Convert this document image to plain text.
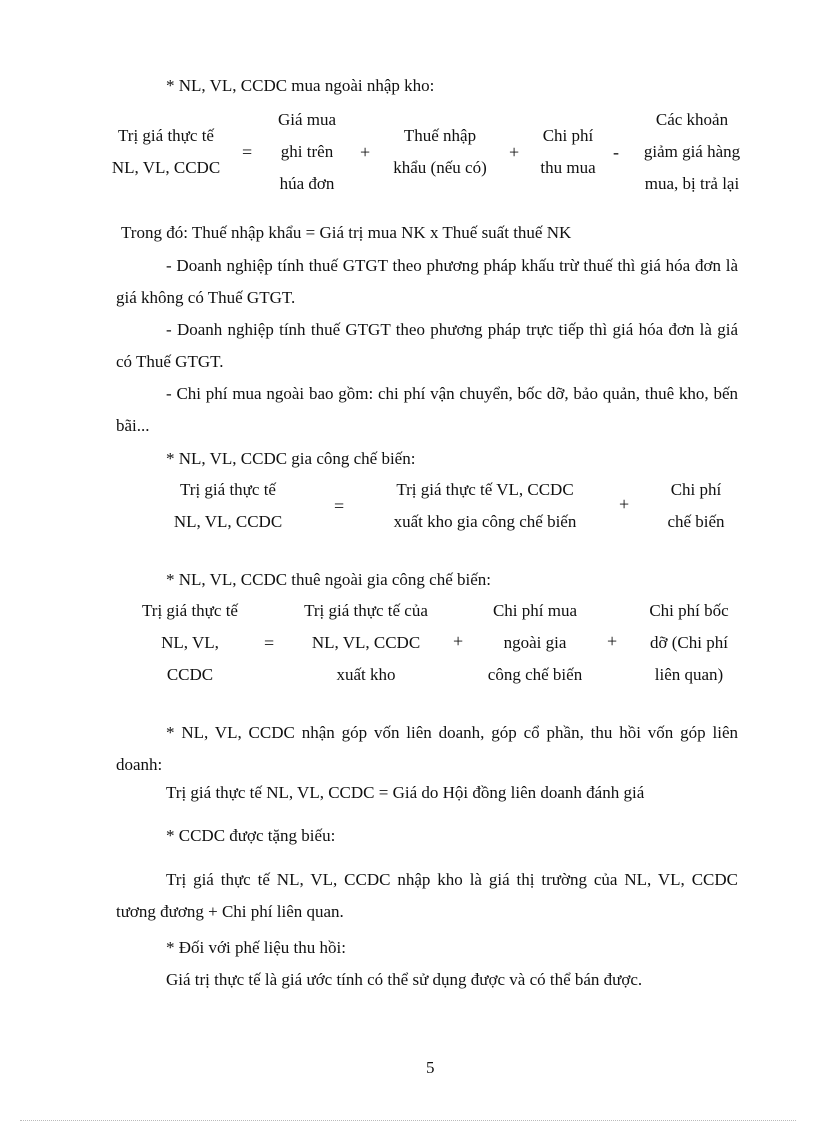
* NL, VL, CCDC mua ngoài nhập kho:
Trị giá thực tế
NL, VL, CCDC
=
Giá mua
ghi trên
húa đơn
+
Thuế nhập
khẩu (nếu có)
+
Chi phí
thu mua
-
Các khoản
giảm giá hàng
mua, bị trả lại
Trong đó: Thuế nhập khẩu = Giá trị mua NK x Thuế suất thuế NK
- Doanh nghiệp tính thuế GTGT theo phương pháp khấu trừ thuế thì giá hóa đơn là giá không có Thuế GTGT.
- Doanh nghiệp tính thuế GTGT theo phương pháp trực tiếp thì giá hóa đơn là giá có Thuế GTGT.
- Chi phí mua ngoài bao gồm: chi phí vận chuyển, bốc dỡ, bảo quản, thuê kho, bến bãi...
* NL, VL, CCDC gia công chế biến:
Trị giá thực tế
NL, VL, CCDC
=
Trị giá thực tế VL, CCDC
xuất kho gia công chế biến
+
Chi phí
chế biến
* NL, VL, CCDC thuê ngoài gia công chế biến:
Trị giá thực tế
NL, VL,
CCDC
=
Trị giá thực tế của
NL, VL, CCDC
xuất kho
+
Chi phí mua
ngoài gia
công chế biến
+
Chi phí bốc
dỡ (Chi phí
liên quan)
* NL, VL, CCDC nhận góp vốn liên doanh, góp cổ phần, thu hồi vốn góp liên doanh:
Trị giá thực tế NL, VL, CCDC = Giá do Hội đồng liên doanh đánh giá
* CCDC được tặng biếu:
Trị giá thực tế NL, VL, CCDC nhập kho là giá thị trường của NL, VL, CCDC tương đương + Chi phí liên quan.
* Đối với phế liệu thu hồi:
Giá trị thực tế là giá ước tính có thể sử dụng được và có thể bán được.
5
